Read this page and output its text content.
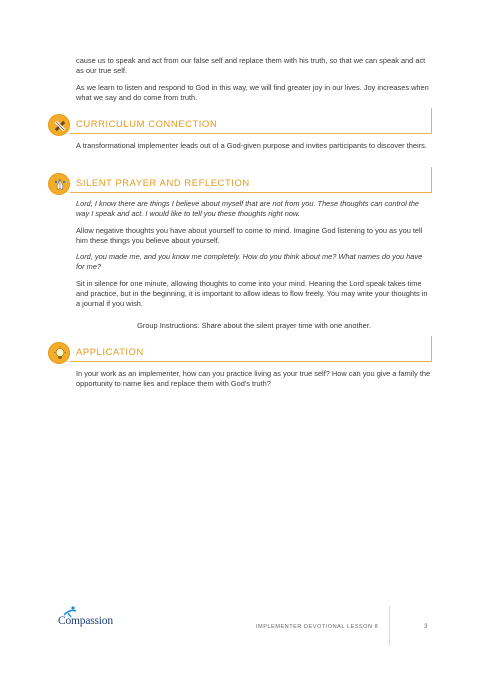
cause us to speak and act from our false self and replace them with his truth, so that we can speak and act as our true self.

As we learn to listen and respond to God in this way, we will find greater joy in our lives. Joy increases when what we say and do come from truth.

CURRICULUM CONNECTION

A transformational implementer leads out of a God-given purpose and invites participants to discover theirs.

SILENT PRAYER AND REFLECTION

Lord, I know there are things I believe about myself that are not from you. These thoughts can control the way I speak and act. I would like to tell you these thoughts right now.

Allow negative thoughts you have about yourself to come to mind. Imagine God listening to you as you tell him these things you believe about yourself.

Lord, you made me, and you know me completely. How do you think about me? What names do you have for me?

Sit in silence for one minute, allowing thoughts to come into your mind. Hearing the Lord speak takes time and practice, but in the beginning, it is important to allow ideas to flow freely. You may write your thoughts in a journal if you wish.

Group Instructions: Share about the silent prayer time with one another.

APPLICATION

In your work as an implementer, how can you practice living as your true self? How can you give a family the opportunity to name lies and replace them with God's truth?

Compassion	IMPLEMENTER DEVOTIONAL LESSON 8	3
